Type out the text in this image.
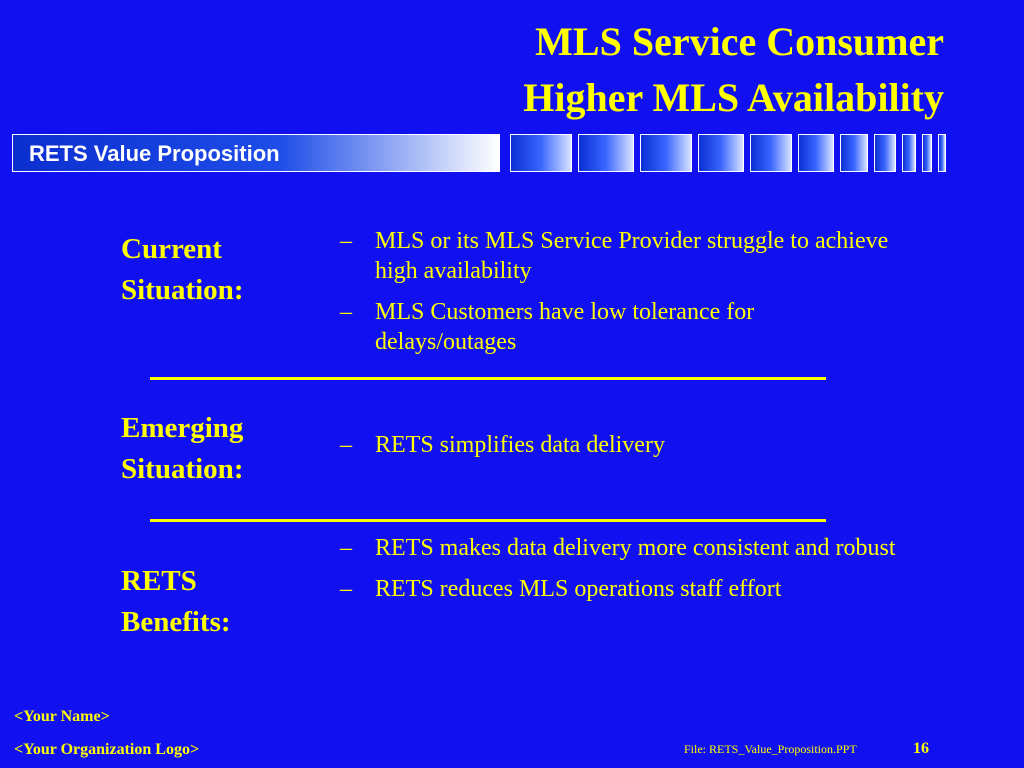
MLS Service Consumer
Higher MLS Availability
RETS Value Proposition
Current
Situation:
– MLS or its MLS Service Provider struggle to achieve high availability
– MLS Customers have low tolerance for delays/outages
Emerging
Situation:
– RETS simplifies data delivery
RETS
Benefits:
– RETS makes data delivery more consistent and robust
– RETS reduces MLS operations staff effort
<Your Name>
<Your Organization Logo>	File: RETS_Value_Proposition.PPT	16
